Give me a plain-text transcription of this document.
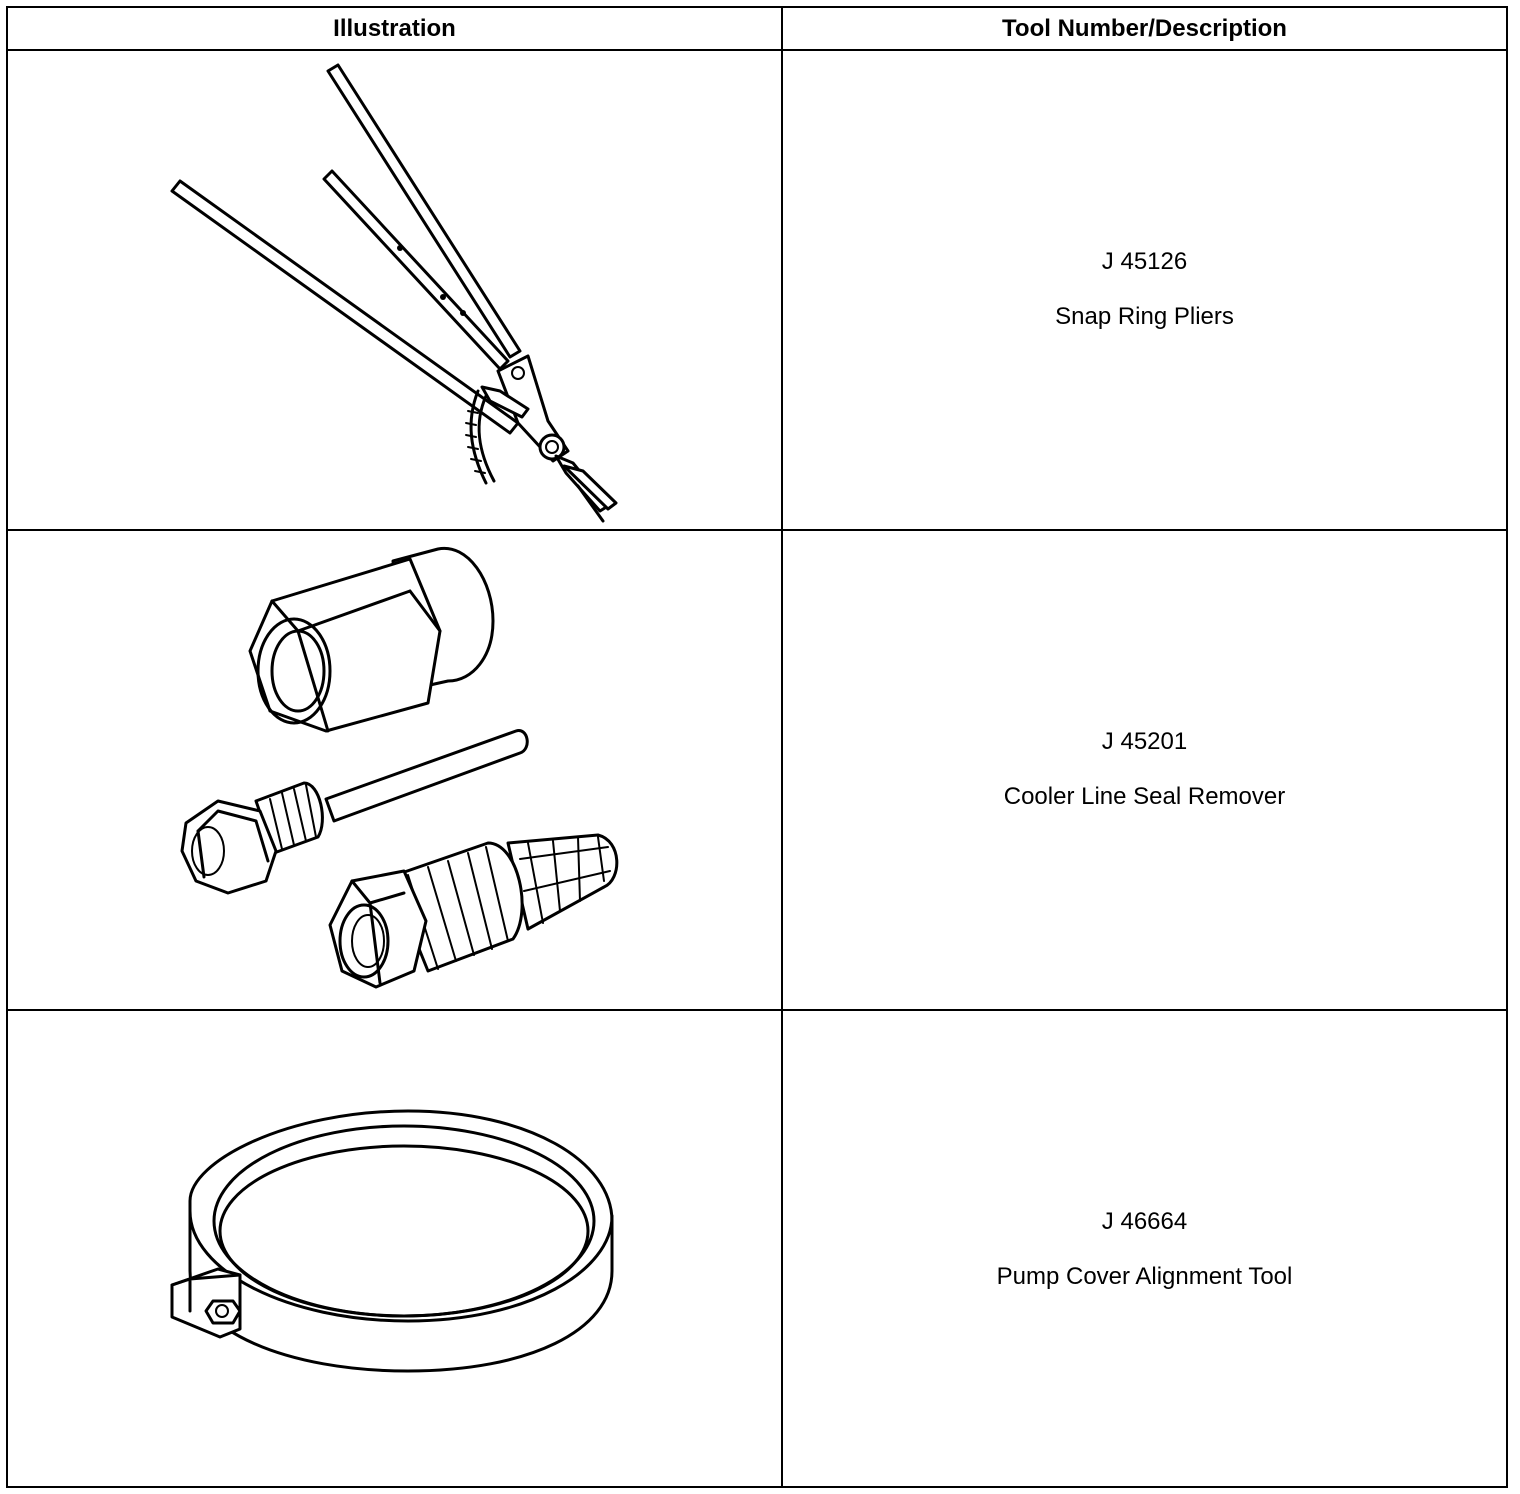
Illustration	Tool Number/Description
J 45126
Snap Ring Pliers
J 45201
Cooler Line Seal Remover
J 46664
Pump Cover Alignment Tool
